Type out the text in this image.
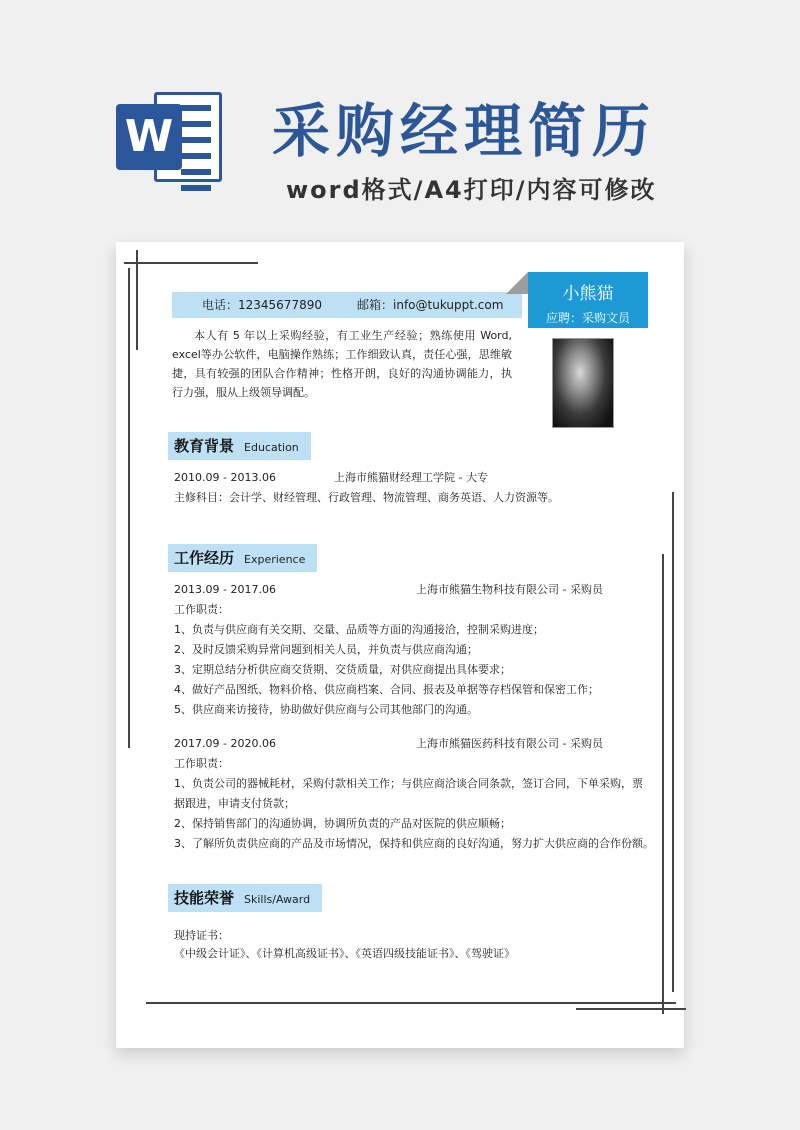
W 采购经理简历
word格式/A4打印/内容可修改
电话：12345677890	邮箱：info@tukuppt.com
小熊猫
应聘：采购文员
本人有 5 年以上采购经验，有工业生产经验；熟练使用 Word, excel等办公软件，电脑操作熟练；工作细致认真，责任心强，思维敏捷，具有较强的团队合作精神；性格开朗，良好的沟通协调能力，执行力强，服从上级领导调配。
教育背景 Education
2010.09 - 2013.06	上海市熊猫财经理工学院 - 大专
主修科目：会计学、财经管理、行政管理、物流管理、商务英语、人力资源等。
工作经历 Experience
2013.09 - 2017.06	上海市熊猫生物科技有限公司 - 采购员
工作职责：
1、负责与供应商有关交期、交量、品质等方面的沟通接洽，控制采购进度；
2、及时反馈采购异常问题到相关人员，并负责与供应商沟通；
3、定期总结分析供应商交货期、交货质量，对供应商提出具体要求；
4、做好产品图纸、物料价格、供应商档案、合同、报表及单据等存档保管和保密工作；
5、供应商来访接待，协助做好供应商与公司其他部门的沟通。
2017.09 - 2020.06	上海市熊猫医药科技有限公司 - 采购员
工作职责：
1、负责公司的器械耗材，采购付款相关工作；与供应商洽谈合同条款，签订合同，下单采购，票据跟进，申请支付货款；
2、保持销售部门的沟通协调，协调所负责的产品对医院的供应顺畅；
3、了解所负责供应商的产品及市场情况，保持和供应商的良好沟通，努力扩大供应商的合作份额。
技能荣誉 Skills/Award
现持证书：
《中级会计证》、《计算机高级证书》、《英语四级技能证书》、《驾驶证》
